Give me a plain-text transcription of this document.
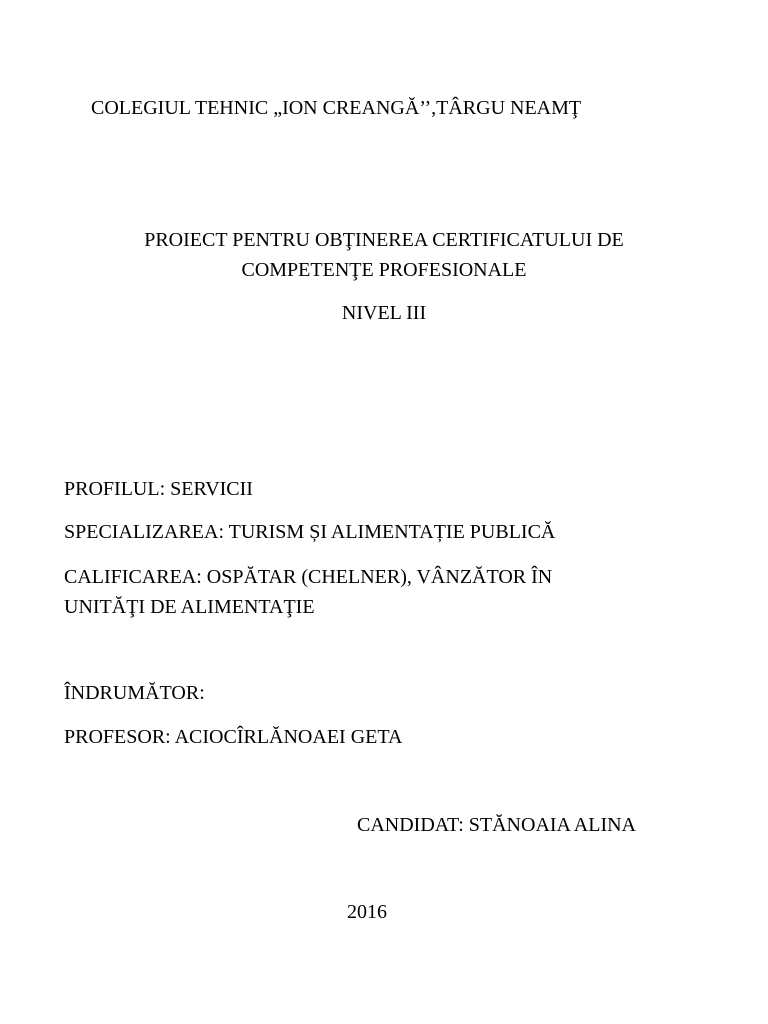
COLEGIUL TEHNIC „ION CREANGĂ’’,TÂRGU NEAMŢ
PROIECT PENTRU OBŢINEREA CERTIFICATULUI DE
COMPETENŢE PROFESIONALE
NIVEL III
PROFILUL: SERVICII
SPECIALIZAREA: TURISM ȘI ALIMENTAȚIE PUBLICĂ
CALIFICAREA: OSPĂTAR (CHELNER), VÂNZĂTOR ÎN
UNITĂŢI DE ALIMENTAŢIE
ÎNDRUMĂTOR:
PROFESOR: ACIOCÎRLĂNOAEI GETA
CANDIDAT: STĂNOAIA ALINA
2016
